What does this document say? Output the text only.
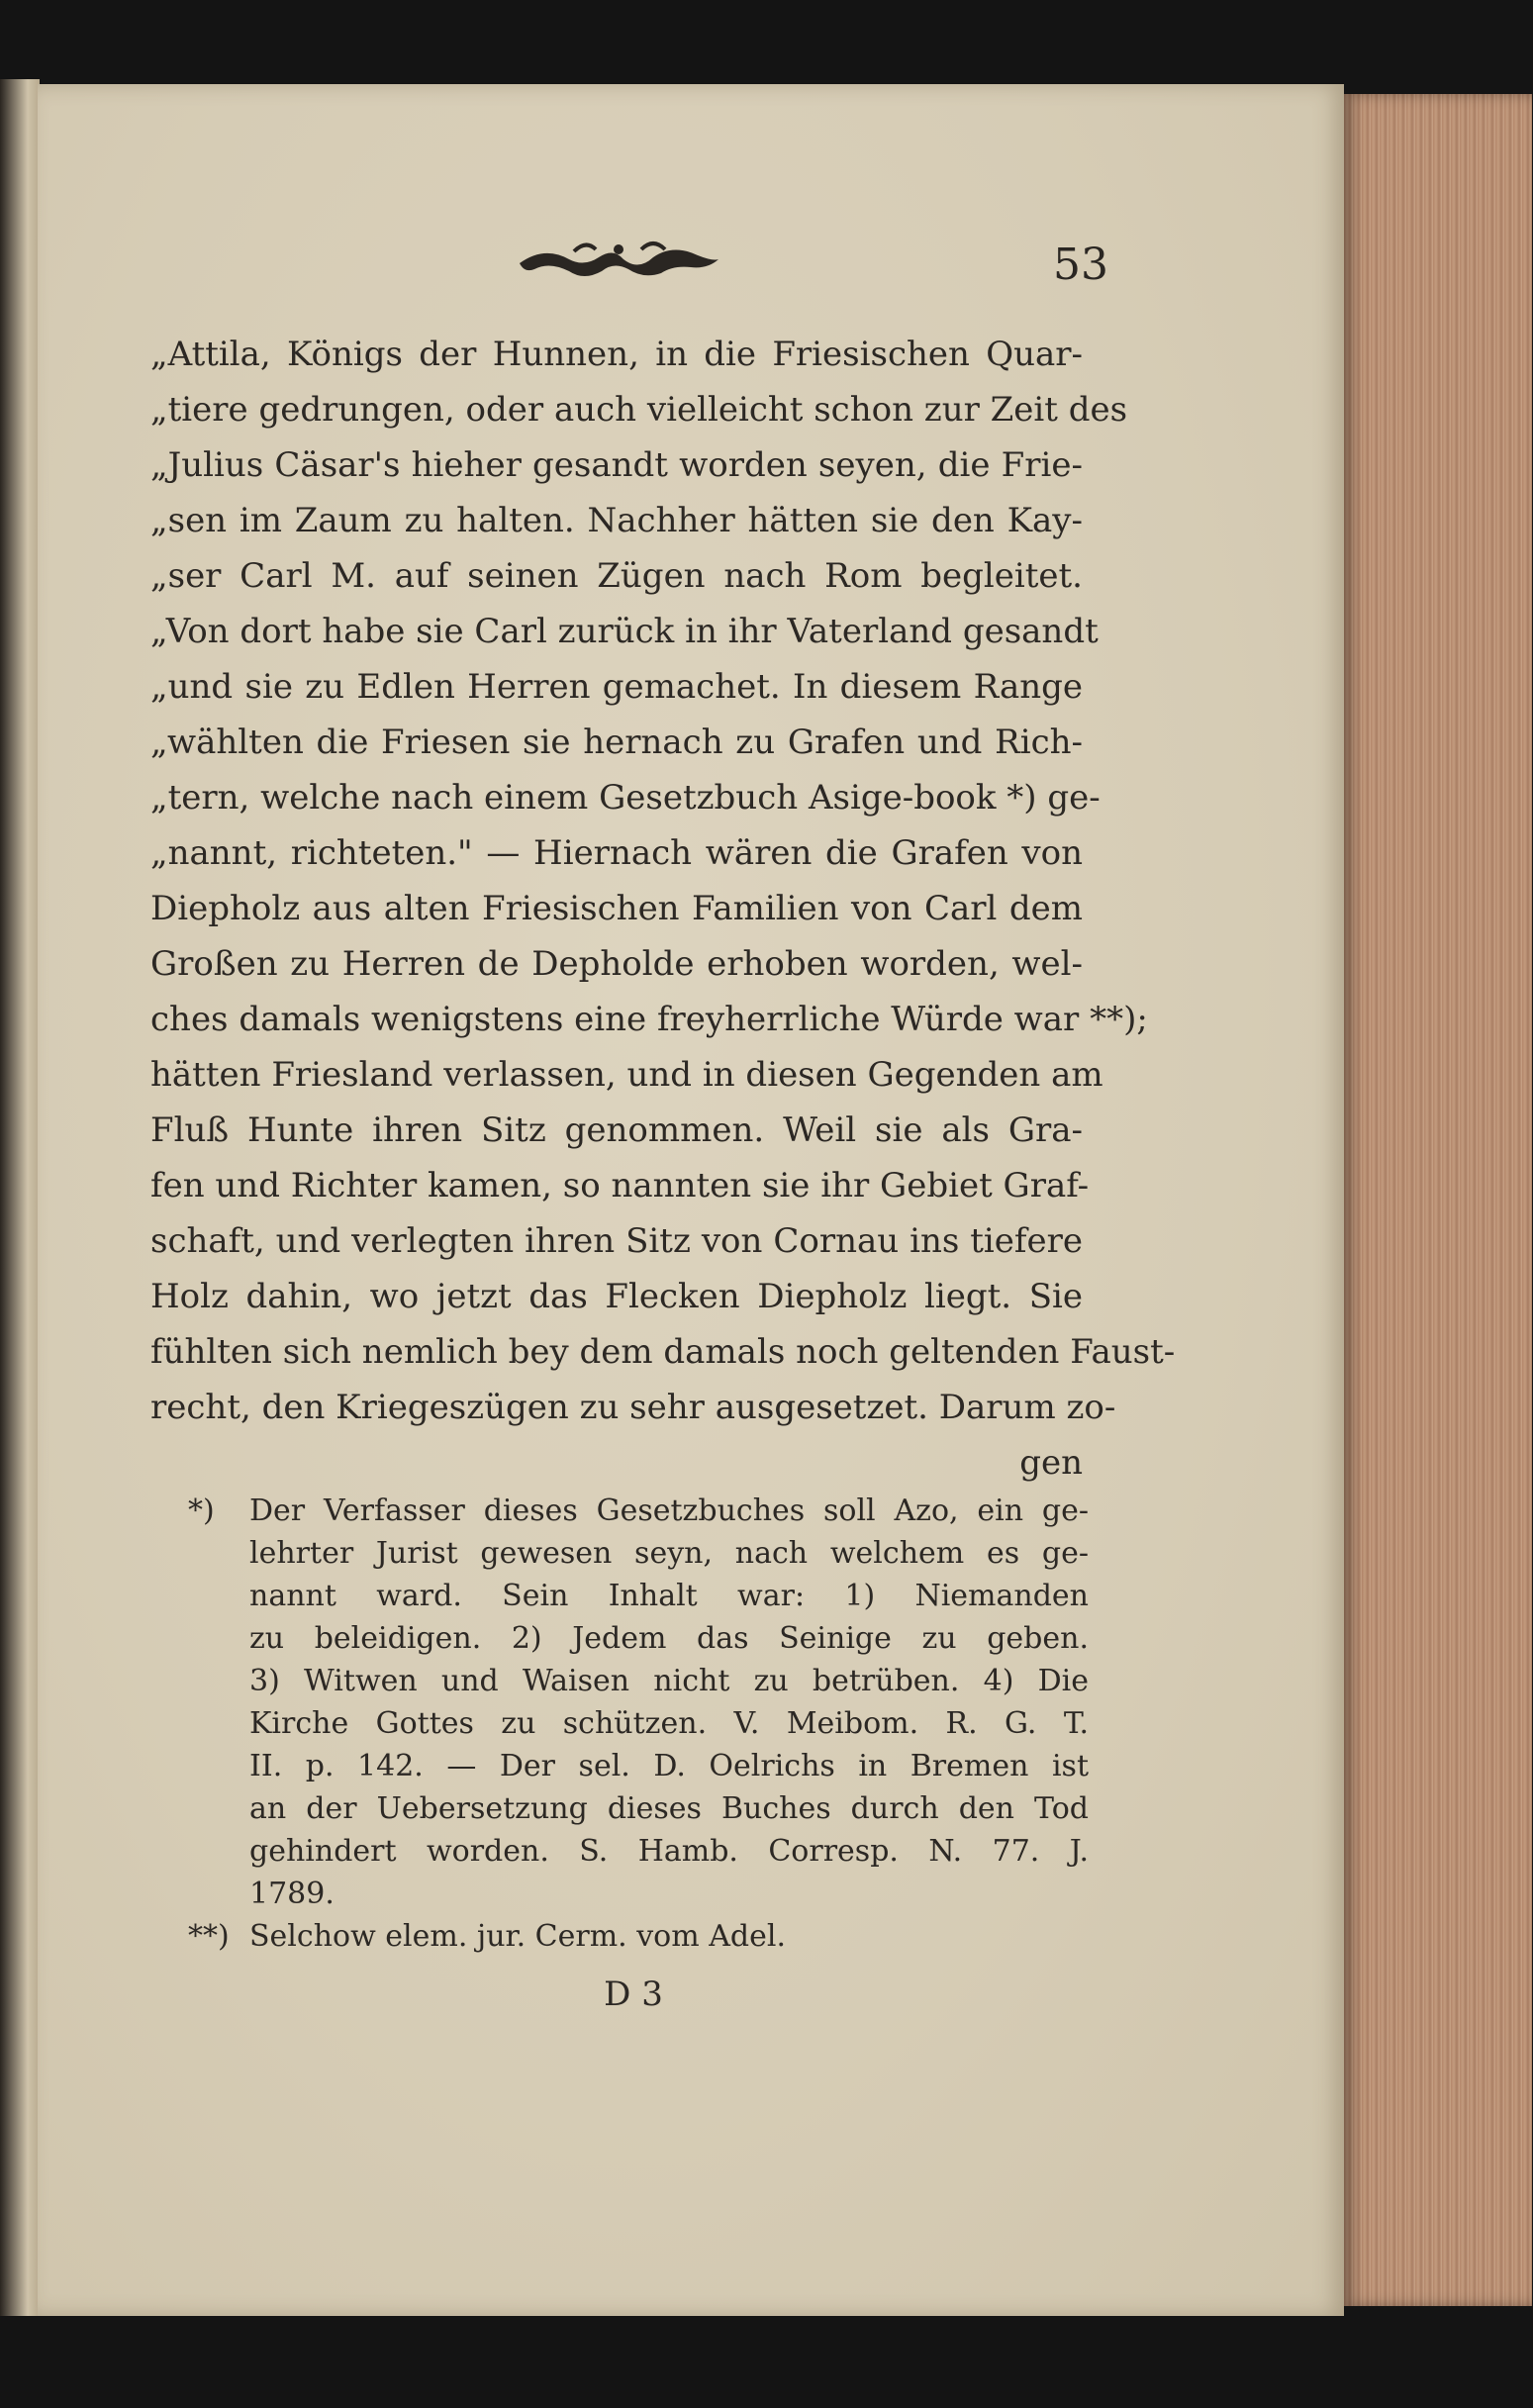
53
„Attila, Königs der Hunnen, in die Friesischen Quar-
„tiere gedrungen, oder auch vielleicht schon zur Zeit des
„Julius Cäsar's hieher gesandt worden seyen, die Frie-
„sen im Zaum zu halten. Nachher hätten sie den Kay-
„ser Carl M. auf seinen Zügen nach Rom begleitet.
„Von dort habe sie Carl zurück in ihr Vaterland gesandt
„und sie zu Edlen Herren gemachet. In diesem Range
„wählten die Friesen sie hernach zu Grafen und Rich-
„tern, welche nach einem Gesetzbuch Asige-book *) ge-
„nannt, richteten." — Hiernach wären die Grafen von
Diepholz aus alten Friesischen Familien von Carl dem
Großen zu Herren de Depholde erhoben worden, wel-
ches damals wenigstens eine freyherrliche Würde war **);
hätten Friesland verlassen, und in diesen Gegenden am
Fluß Hunte ihren Sitz genommen. Weil sie als Gra-
fen und Richter kamen, so nannten sie ihr Gebiet Graf-
schaft, und verlegten ihren Sitz von Cornau ins tiefere
Holz dahin, wo jetzt das Flecken Diepholz liegt. Sie
fühlten sich nemlich bey dem damals noch geltenden Faust-
recht, den Kriegeszügen zu sehr ausgesetzet. Darum zo-
gen
*) Der Verfasser dieses Gesetzbuches soll Azo, ein ge-
lehrter Jurist gewesen seyn, nach welchem es ge-
nannt ward. Sein Inhalt war: 1) Niemanden
zu beleidigen. 2) Jedem das Seinige zu geben.
3) Witwen und Waisen nicht zu betrüben. 4) Die
Kirche Gottes zu schützen. V. Meibom. R. G. T.
II. p. 142. — Der sel. D. Oelrichs in Bremen ist
an der Uebersetzung dieses Buches durch den Tod
gehindert worden. S. Hamb. Corresp. N. 77. J.
1789.
**) Selchow elem. jur. Cerm. vom Adel.
D 3
